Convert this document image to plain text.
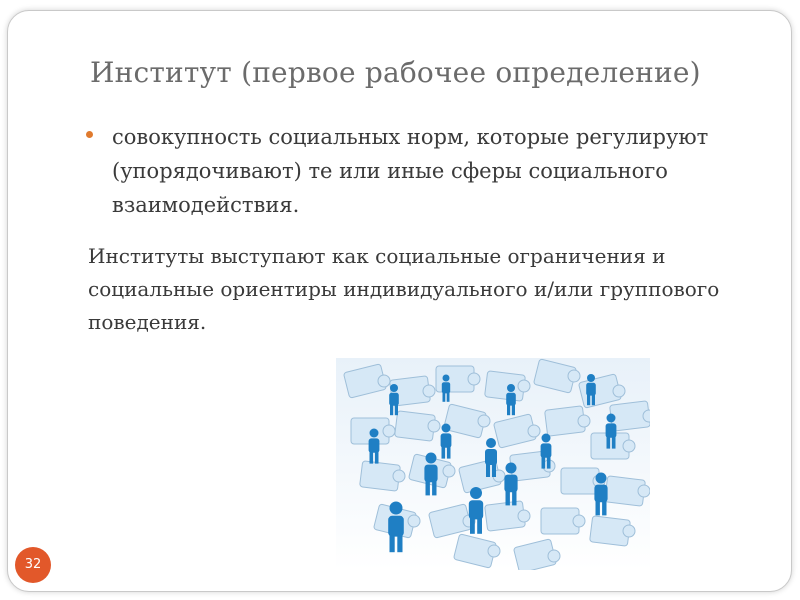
Институт (первое рабочее определение)
совокупность социальных норм, которые регулируют (упорядочивают) те или иные сферы социального взаимодействия.
Институты выступают как социальные ограничения и социальные ориентиры индивидуального и/или группового поведения.
32
